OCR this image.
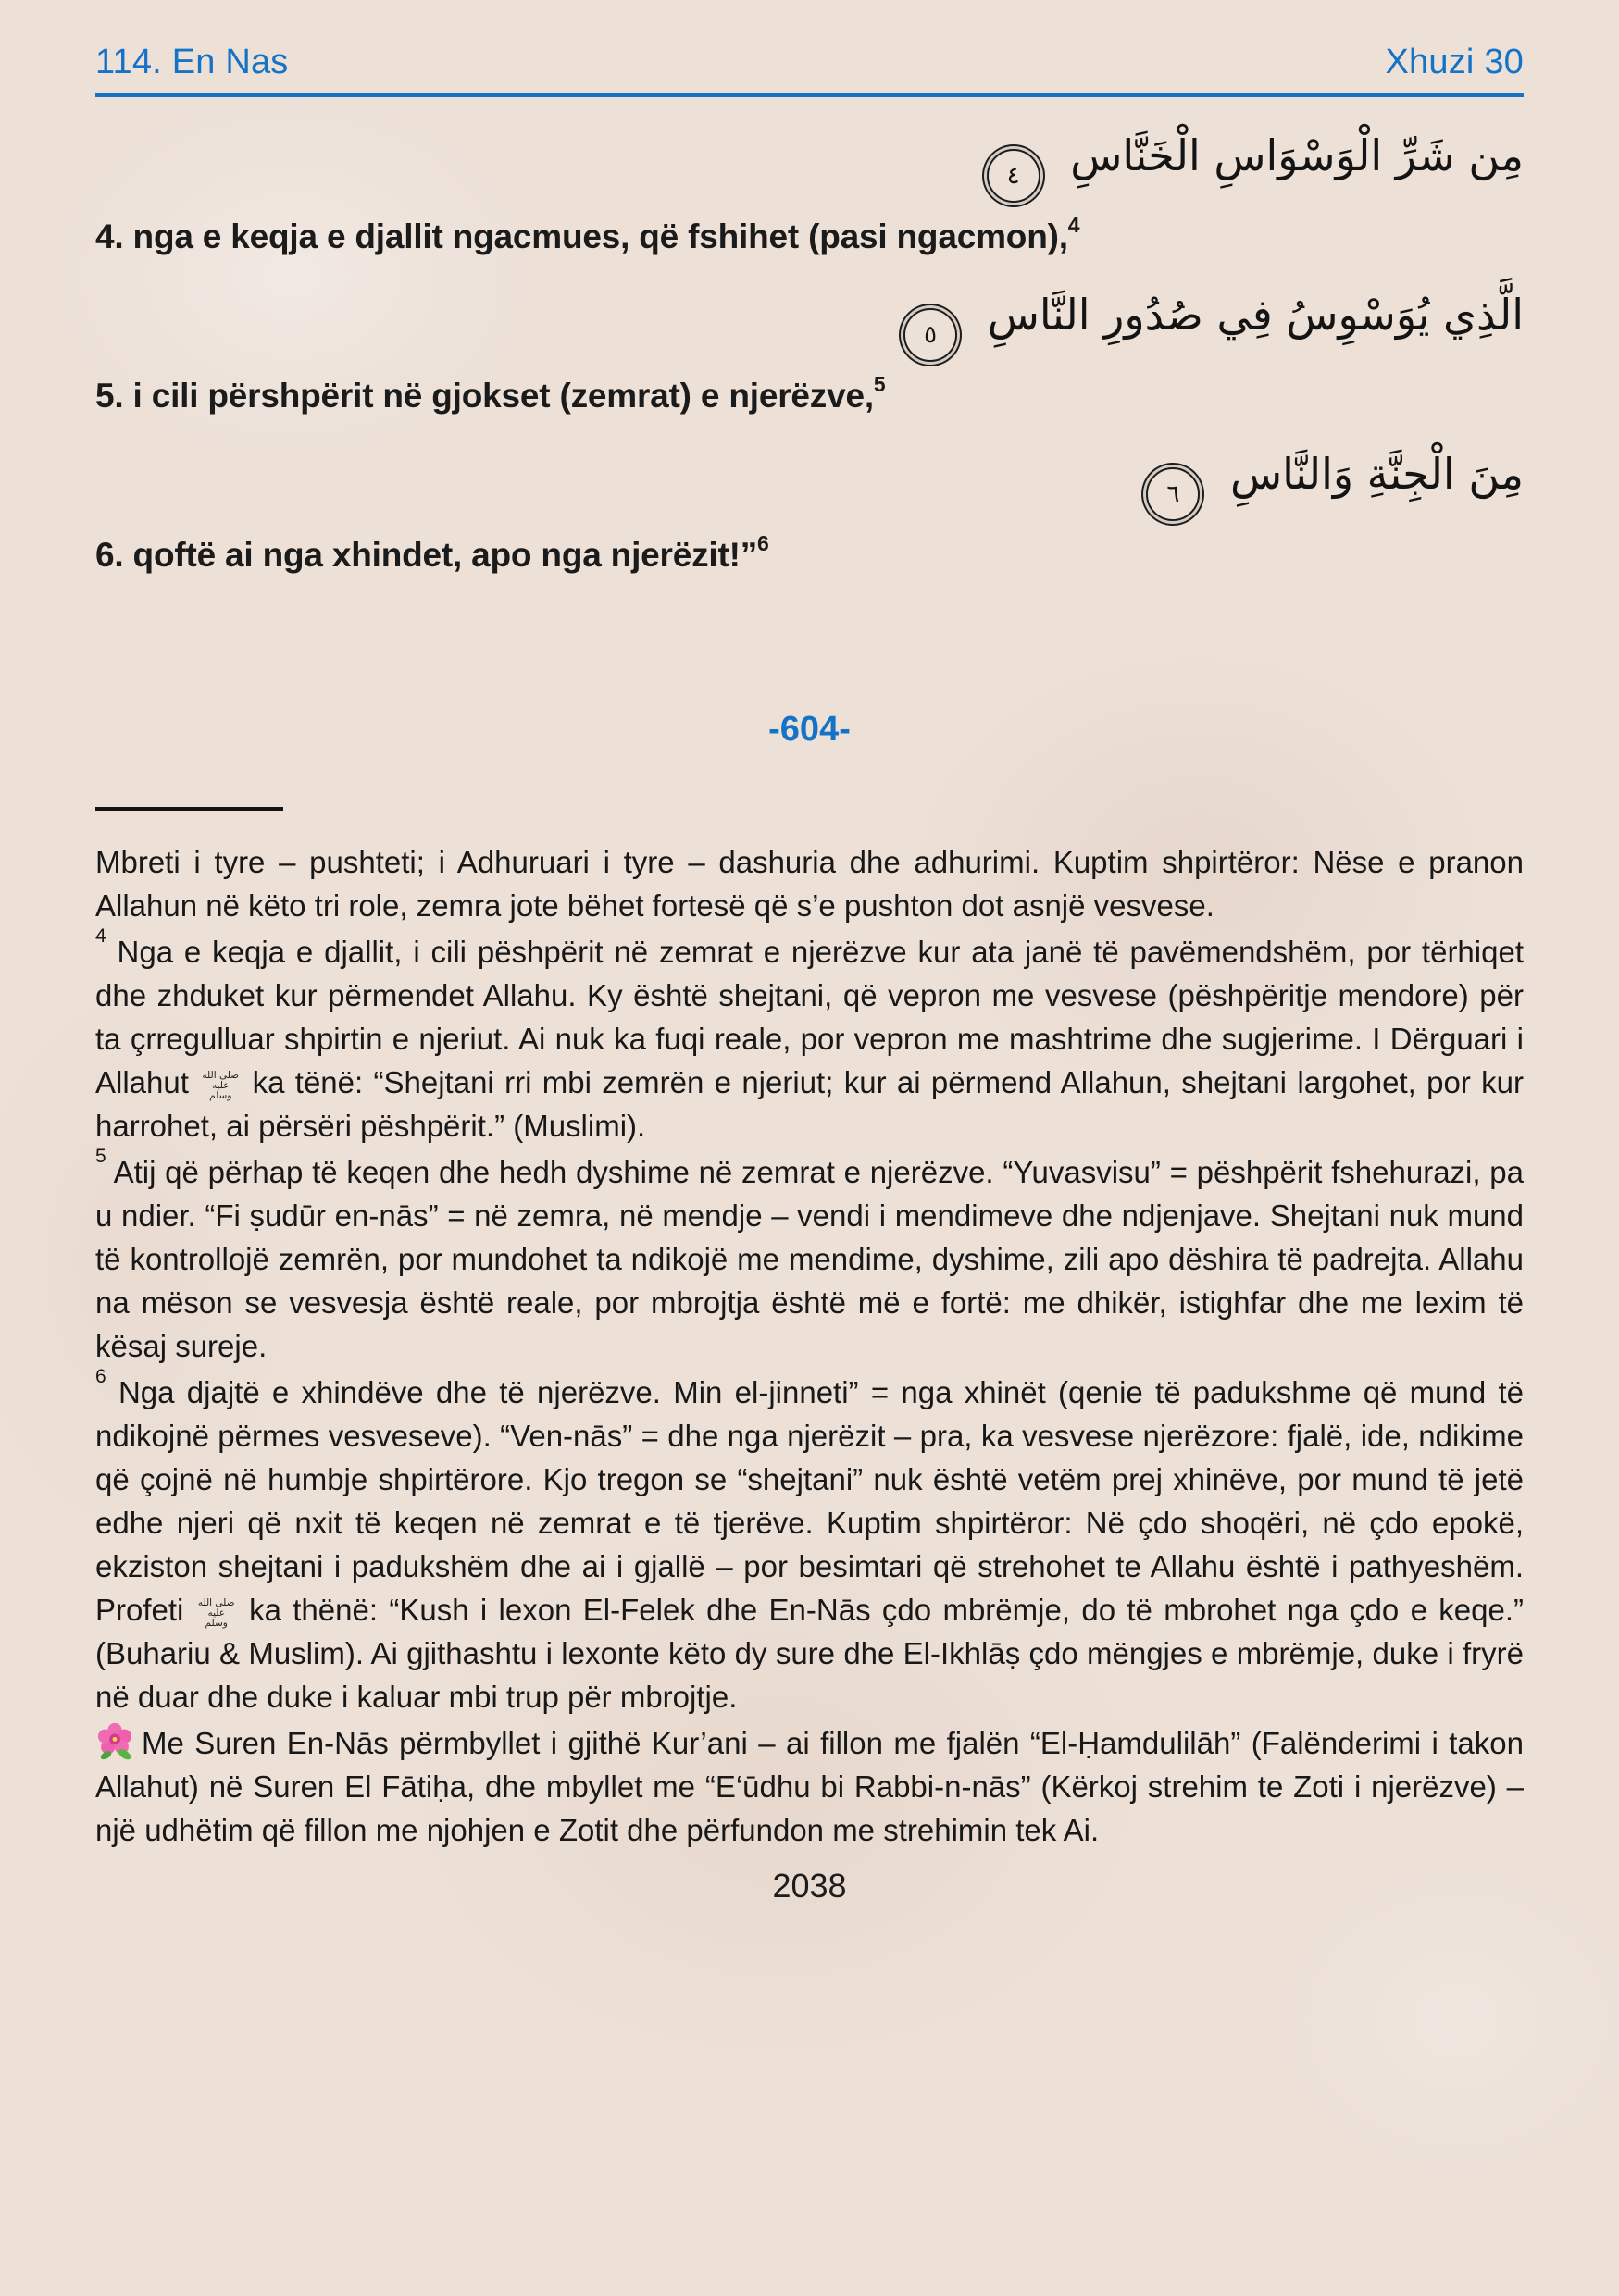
114. En Nas	Xhuzi 30
مِن شَرِّ الْوَسْوَاسِ الْخَنَّاسِ
٤

4. nga e keqja e djallit ngacmues, që fshihet (pasi ngacmon),$^4$

الَّذِي يُوَسْوِسُ فِي صُدُورِ النَّاسِ
٥

5. i cili përshpërit në gjokset (zemrat) e njerëzve,$^5$

مِنَ الْجِنَّةِ وَالنَّاسِ
٦

6. qoftë ai nga xhindet, apo nga njerëzit!”$^6$

-604-

Mbreti i tyre – pushteti; i Adhuruari i tyre – dashuria dhe adhurimi. Kuptim shpirtëror: Nëse e pranon Allahun në këto tri role, zemra jote bëhet fortesë që s’e pushton dot asnjë vesvese.

$^4$ Nga e keqja e djallit, i cili pëshpërit në zemrat e njerëzve kur ata janë të pavëmendshëm, por tërhiqet dhe zhduket kur përmendet Allahu. Ky është shejtani, që vepron me vesvese (pëshpëritje mendore) për ta çrregulluar shpirtin e njeriut. Ai nuk ka fuqi reale, por vepron me mashtrime dhe sugjerime. I Dërguari i Allahut صلى الله عليه وسلم ka tënë: “Shejtani rri mbi zemrën e njeriut; kur ai përmend Allahun, shejtani largohet, por kur harrohet, ai përsëri pëshpërit.” (Muslimi).

$^5$ Atij që përhap të keqen dhe hedh dyshime në zemrat e njerëzve. “Yuvasvisu” = pëshpërit fshehurazi, pa u ndier. “Fi ṣudūr en-nās” = në zemra, në mendje – vendi i mendimeve dhe ndjenjave. Shejtani nuk mund të kontrollojë zemrën, por mundohet ta ndikojë me mendime, dyshime, zili apo dëshira të padrejta. Allahu na mëson se vesvesja është reale, por mbrojtja është më e fortë: me dhikër, istighfar dhe me lexim të kësaj sureje.

$^6$ Nga djajtë e xhindëve dhe të njerëzve. Min el-jinneti” = nga xhinët (qenie të padukshme që mund të ndikojnë përmes vesveseve). “Ven-nās” = dhe nga njerëzit – pra, ka vesvese njerëzore: fjalë, ide, ndikime që çojnë në humbje shpirtërore. Kjo tregon se “shejtani” nuk është vetëm prej xhinëve, por mund të jetë edhe njeri që nxit të keqen në zemrat e të tjerëve. Kuptim shpirtëror: Në çdo shoqëri, në çdo epokë, ekziston shejtani i padukshëm dhe ai i gjallë – por besimtari që strehohet te Allahu është i pathyeshëm. Profeti صلى الله عليه وسلم ka thënë: “Kush i lexon El-Felek dhe En-Nās çdo mbrëmje, do të mbrohet nga çdo e keqe.” (Buhariu & Muslim). Ai gjithashtu i lexonte këto dy sure dhe El-Ikhlāṣ çdo mëngjes e mbrëmje, duke i fryrë në duar dhe duke i kaluar mbi trup për mbrojtje.

Me Suren En-Nās përmbyllet i gjithë Kur’ani – ai fillon me fjalën “El-Ḥamdulilāh” (Falënderimi i takon Allahut) në Suren El Fātiḥa, dhe mbyllet me “E‘ūdhu bi Rabbi-n-nās” (Kërkoj strehim te Zoti i njerëzve) – një udhëtim që fillon me njohjen e Zotit dhe përfundon me strehimin tek Ai.

2038
